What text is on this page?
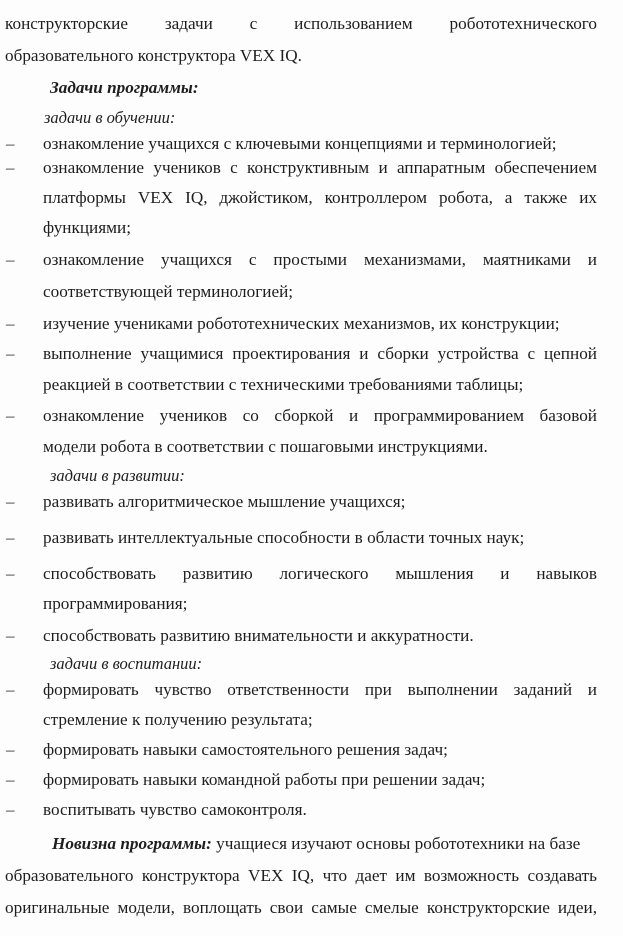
конструкторские задачи с использованием робототехнического
образовательного конструктора VEX IQ.
Задачи программы:
задачи в обучении:
– ознакомление учащихся с ключевыми концепциями и терминологией;
– ознакомление учеников с конструктивным и аппаратным обеспечением
платформы VEX IQ, джойстиком, контроллером робота, а также их
функциями;
– ознакомление учащихся с простыми механизмами, маятниками и
соответствующей терминологией;
– изучение учениками робототехнических механизмов, их конструкции;
– выполнение учащимися проектирования и сборки устройства с цепной
реакцией в соответствии с техническими требованиями таблицы;
– ознакомление учеников со сборкой и программированием базовой
модели робота в соответствии с пошаговыми инструкциями.
задачи в развитии:
– развивать алгоритмическое мышление учащихся;
– развивать интеллектуальные способности в области точных наук;
– способствовать развитию логического мышления и навыков
программирования;
– способствовать развитию внимательности и аккуратности.
задачи в воспитании:
– формировать чувство ответственности при выполнении заданий и
стремление к получению результата;
– формировать навыки самостоятельного решения задач;
– формировать навыки командной работы при решении задач;
– воспитывать чувство самоконтроля.
Новизна программы: учащиеся изучают основы робототехники на базе
образовательного конструктора VEX IQ, что дает им возможность создавать
оригинальные модели, воплощать свои самые смелые конструкторские идеи,
